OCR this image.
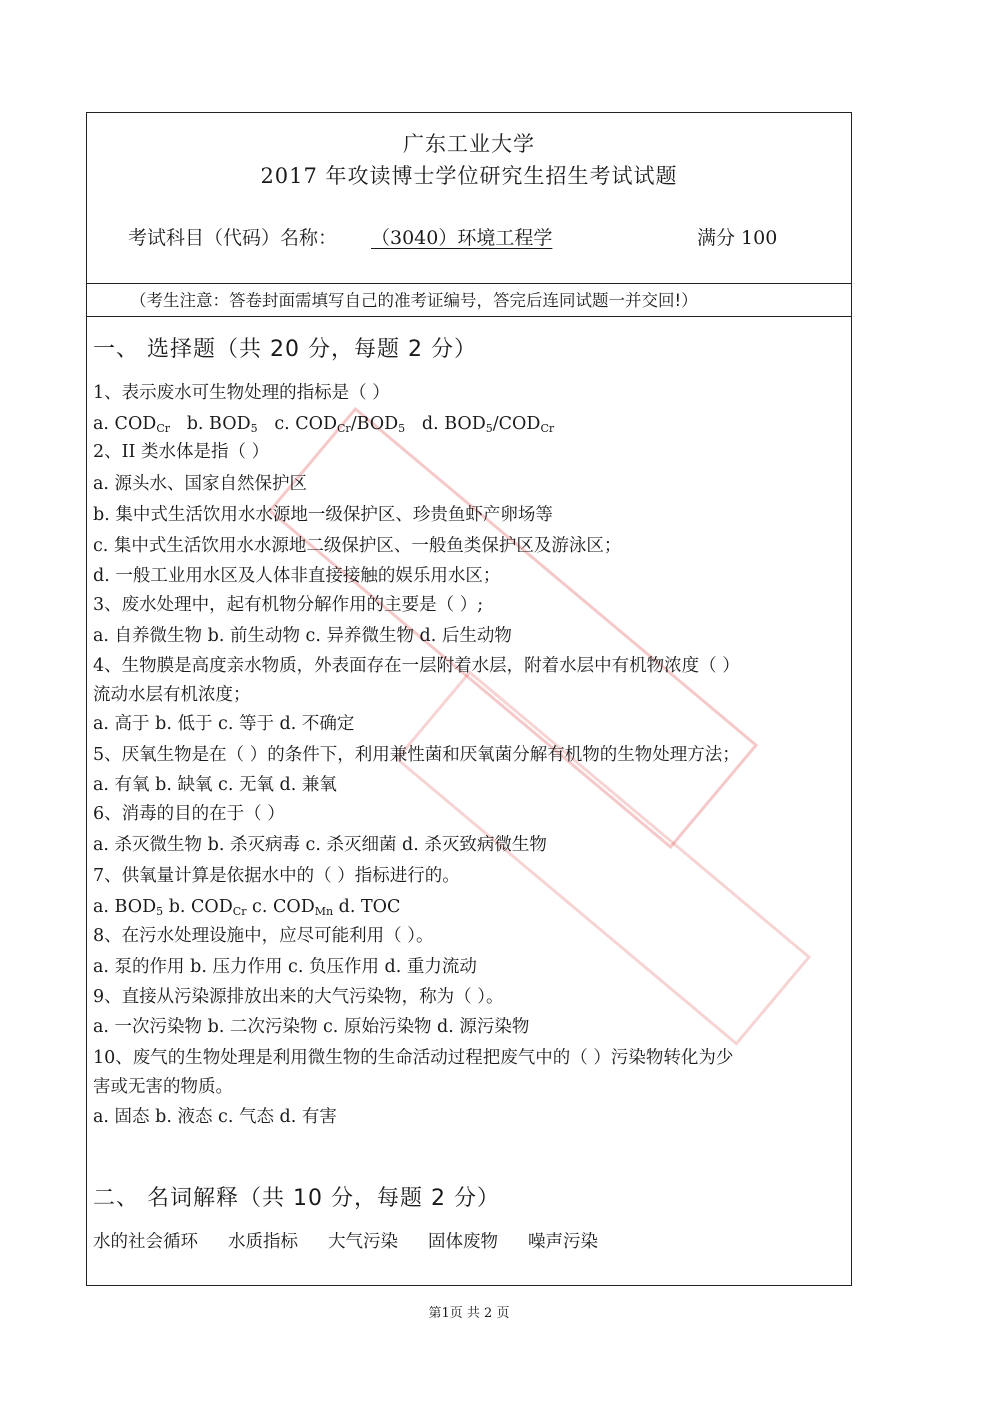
广东工业大学
2017 年攻读博士学位研究生招生考试试题
考试科目（代码）名称： （3040）环境工程学	满分 100
（考生注意：答卷封面需填写自己的准考证编号，答完后连同试题一并交回!）
一、 选择题（共 20 分，每题 2 分）
1、表示废水可生物处理的指标是（ ）
a. $COD_{Cr}$ b. $BOD_5$ c. $COD_{Cr}/BOD_5$ d. $BOD_5/COD_{Cr}$
2、II 类水体是指（ ）
a. 源头水、国家自然保护区
b. 集中式生活饮用水水源地一级保护区、珍贵鱼虾产卵场等
c. 集中式生活饮用水水源地二级保护区、一般鱼类保护区及游泳区；
d. 一般工业用水区及人体非直接接触的娱乐用水区；
3、废水处理中，起有机物分解作用的主要是（ ）;
a. 自养微生物 b. 前生动物 c. 异养微生物 d. 后生动物
4、生物膜是高度亲水物质，外表面存在一层附着水层，附着水层中有机物浓度（ ）
流动水层有机浓度；
a. 高于 b. 低于 c. 等于 d. 不确定
5、厌氧生物是在（ ）的条件下，利用兼性菌和厌氧菌分解有机物的生物处理方法；
a. 有氧 b. 缺氧 c. 无氧 d. 兼氧
6、消毒的目的在于（ ）
a. 杀灭微生物 b. 杀灭病毒 c. 杀灭细菌 d. 杀灭致病微生物
7、供氧量计算是依据水中的（ ）指标进行的。
a. $BOD_5$ b. $COD_{Cr}$ c. $COD_{Mn}$ d. TOC
8、在污水处理设施中，应尽可能利用（ ）。
a. 泵的作用 b. 压力作用 c. 负压作用 d. 重力流动
9、直接从污染源排放出来的大气污染物，称为（ ）。
a. 一次污染物 b. 二次污染物 c. 原始污染物 d. 源污染物
10、废气的生物处理是利用微生物的生命活动过程把废气中的（ ）污染物转化为少
害或无害的物质。
a. 固态 b. 液态 c. 气态 d. 有害
二、 名词解释（共 10 分，每题 2 分）
水的社会循环 水质指标 大气污染 固体废物 噪声污染
第1页 共 2 页
